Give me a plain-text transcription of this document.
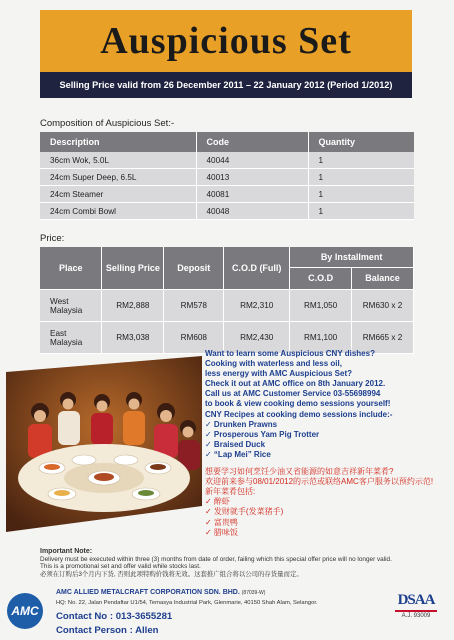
Auspicious Set
Selling Price valid from 26 December 2011 – 22 January 2012 (Period 1/2012)
Composition of Auspicious Set:-
Description	Code	Quantity
36cm Wok, 5.0L	40044	1
24cm Super Deep, 6.5L	40013	1
24cm Steamer	40081	1
24cm Combi Bowl	40048	1
Price:
Place	Selling Price	Deposit	C.O.D (Full)	By Installment	
				C.O.D	Balance
West Malaysia	RM2,888	RM578	RM2,310	RM1,050	RM630 x 2
East Malaysia	RM3,038	RM608	RM2,430	RM1,100	RM665 x 2
Want to learn some Auspicious CNY dishes?
Cooking with waterless and less oil,
less energy with AMC Auspicious Set?
Check it out at AMC office on 8th January 2012.
Call us at AMC Customer Service 03-55698994
to book & view cooking demo sessions yourself!
CNY Recipes at cooking demo sessions include:-
✓ Drunken Prawns
✓ Prosperous Yam Pig Trotter
✓ Braised Duck
✓ “Lap Mei” Rice
想要学习如何烹饪少油又省能源的如意吉祥新年菜肴?
欢迎前来参与08/01/2012的示范或联络AMC客户服务以预约示范!
新年菜肴包括:
✓ 醉虾
✓ 发财就手(发菜猪手)
✓ 富贵鸭
✓ 腊味饭
Important Note:
Delivery must be executed within three (3) months from date of order, failing which this special offer price will no longer valid.
This is a promotional set and offer valid while stocks last.
必须在订购后3个月内下货, 否则此项特购价钱将无效。这套推广组合将以公司的存货量而定。
AMC
AMC ALLIED METALCRAFT CORPORATION SDN. BHD. (87039-W)
HQ: No. 22, Jalan Pendaftar U1/54, Temasya Industrial Park, Glenmarie, 40150 Shah Alam, Selangor.
Contact No : 013-3655281
Contact Person : Allen
DSAA
A.J. 93009
